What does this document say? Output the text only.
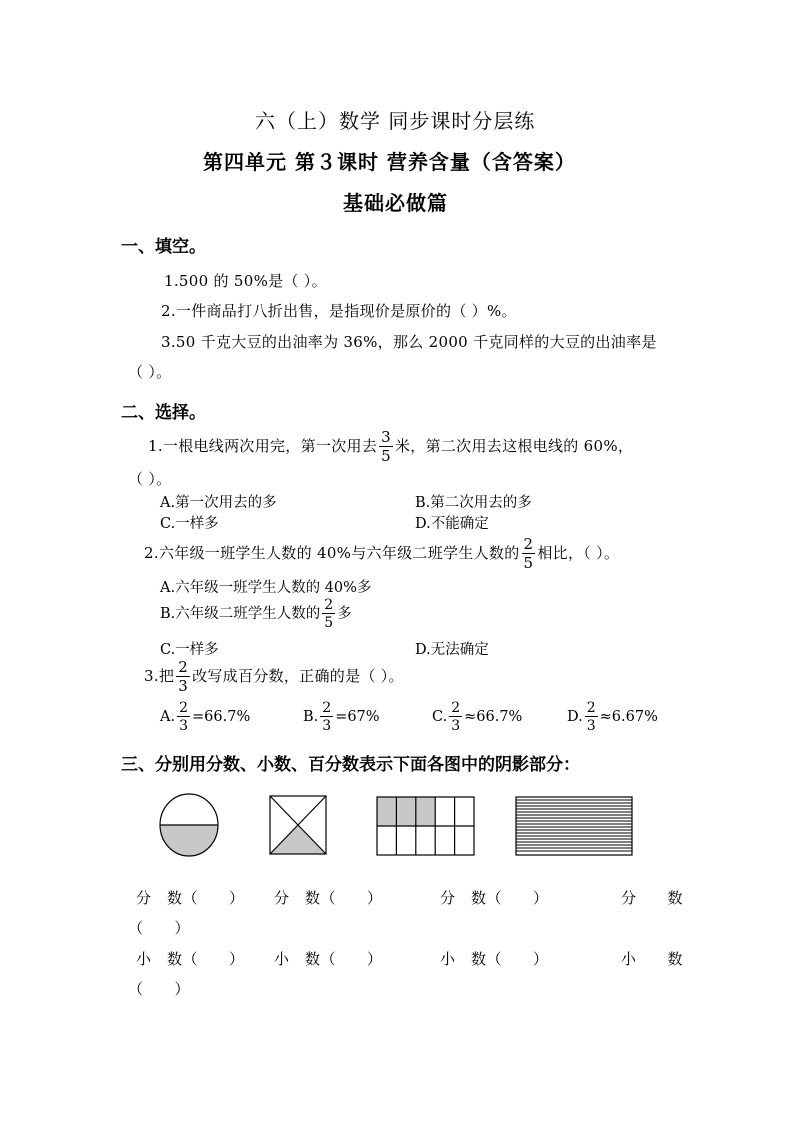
六（上）数学 同步课时分层练
第四单元 第３课时 营养含量（含答案）
基础必做篇
一、填空。
1.500 的 50%是（ ）。
2.一件商品打八折出售，是指现价是原价的（ ）%。
3.50 千克大豆的出油率为 36%，那么 2000 千克同样的大豆的出油率是
（ ）。
二、选择。
1.一根电线两次用完，第一次用去 $\frac{3}{5}$ 米，第二次用去这根电线的 60%，
（ ）。
A.第一次用去的多	B.第二次用去的多
C.一样多	D.不能确定
2.六年级一班学生人数的 40%与六年级二班学生人数的 $\frac{2}{5}$ 相比，（ ）。
A.六年级一班学生人数的 40%多
B.六年级二班学生人数的 $\frac{2}{5}$ 多
C.一样多	D.无法确定
3.把 $\frac{2}{3}$ 改写成百分数，正确的是（ ）。
A. $\frac{2}{3} =66.7\%$	B. $\frac{2}{3} =67\%$	C. $\frac{2}{3} \approx 66.7\%$	D. $\frac{2}{3} \approx 6.67\%$
三、分别用分数、小数、百分数表示下面各图中的阴影部分：
分　数（　　） 分　数（　　）	分　数（　　）	分　　数
（　　）
小　数（　　） 小　数（　　）	小　数（　　）	小　　数
（　　）
